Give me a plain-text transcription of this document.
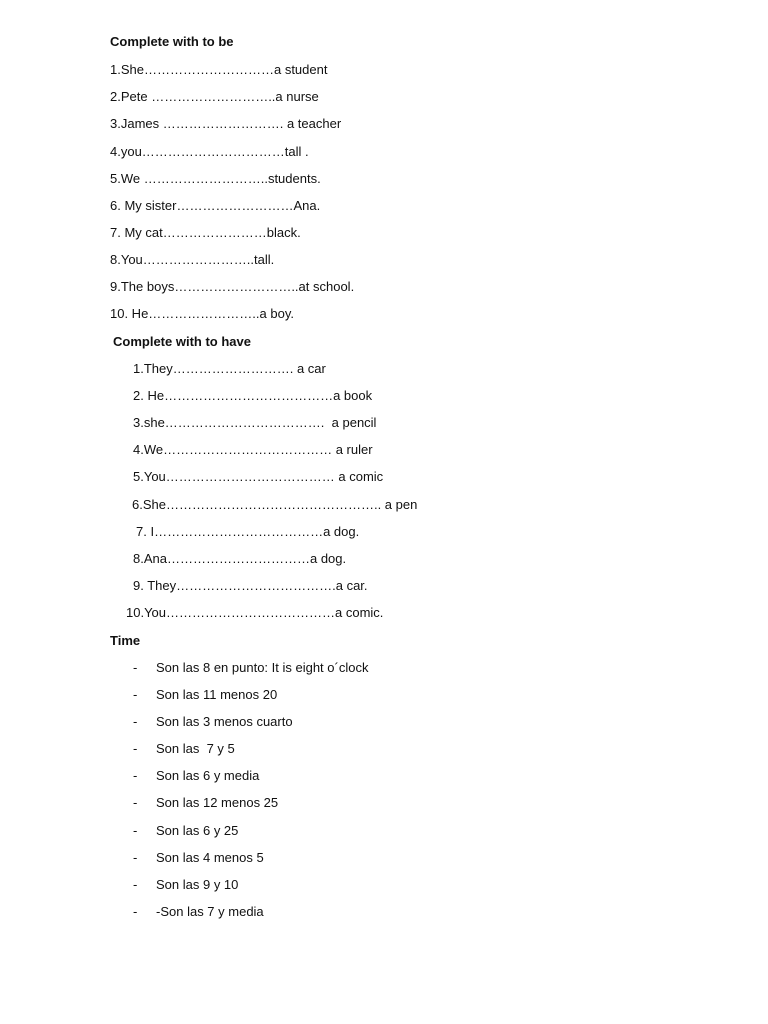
Complete with to be
1.She…………………………a student
2.Pete ………………………..a nurse
3.James ………………………. a teacher
4.you……………………………tall .
5.We ………………………..students.
6. My sister………………………Ana.
7. My cat……………………black.
8.You……………………..tall.
9.The boys………………………..at school.
10. He……………………..a boy.
Complete with to have
1.They………………………. a car
2. He…………………………………a book
3.she……………………………….  a pencil
4.We………………………………… a ruler
5.You………………………………… a comic
6.She………………………………………….. a pen
7. I…………………………………a dog.
8.Ana……………………………a dog.
9. They……………………………….a car.
10.You…………………………………a comic.
Time
- Son las 8 en punto: It is eight o´clock
- Son las 11 menos 20
- Son las 3 menos cuarto
- Son las  7 y 5
- Son las 6 y media
- Son las 12 menos 25
- Son las 6 y 25
- Son las 4 menos 5
- Son las 9 y 10
- -Son las 7 y media
